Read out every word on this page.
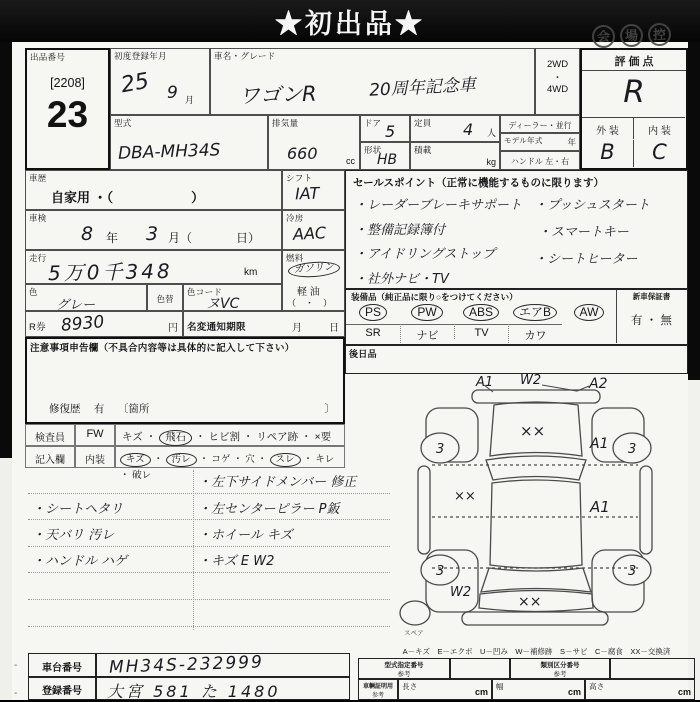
★初出品★	会	場	控
出品番号
[2208]
23
初度登録年月
25 9 月
車名・グレード
ワゴンR	20周年記念車
2WD
・
4WD
評 価 点
R
外 装	内 装
B	C
型式
DBA-MH34S
排気量
660	cc
ドア 5
形状
HB
定員 4 人
積載
kg
ディーラー・並行
モデル年式	年
ハンドル 左・右
車歴
自家用 ・（　　　　　　）
車検
8 年 3 月（	日）
走行
5万0千348	km
色
グレー	色替
色コード
ヌVC
R券 8930	円 名変通知期限	月	日
注意事項申告欄（不具合内容等は具体的に記入して下さい）
修復歴　 有　 〔箇所	〕
検査員	FW	キズ ・ 飛石 ・ ヒビ割 ・ リペア跡 ・ ×要
記入欄	内装	キズ ・ 汚レ ・ コゲ ・ 穴 ・ スレ ・ キレ ・ 破レ
シフト
IAT
冷房
AAC
燃料
ガソリン
軽 油
（　・　）
セールスポイント（正常に機能するものに限ります）
・レーダーブレーキサポート
・整備記録簿付
・アイドリングストップ
・社外ナビ・TV
・プッシュスタート
・スマートキー
・シートヒーター
装備品（純正品に限り○をつけてください）
PS	PW	ABS	エアB	AW
SR	ナビ	TV	カワ
新車保証書
有 ・ 無
後日品
・シートヘタリ
・天バリ 汚レ
・ハンドル ハゲ
・左下サイドメンバー 修正
・左センターピラー P鈑
・ホイール キズ
・キズ E W2
A1 W2	A2
××
A1
××
A1
××
W2
3	3
3	3
スペア
A－キズ　E－エクボ　U－凹み　W－補修跡　S－サビ　C－腐食　XX－交換済
-
-
車台番号	MH34S-232999
登録番号	大宮 581 た 1480
型式指定番号
参考
類別区分番号
参考
車輌証明用
参考
長さ
cm
幅
cm
高さ
cm
